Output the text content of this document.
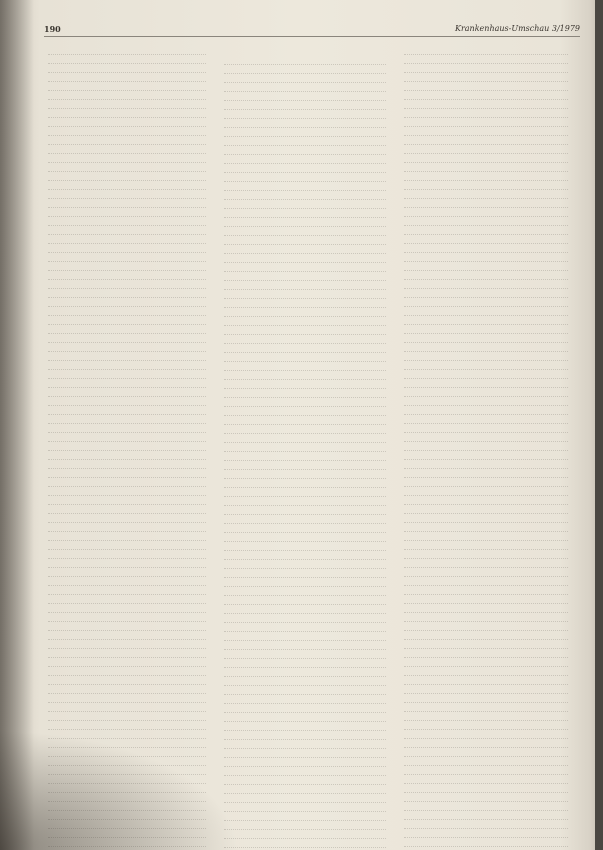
190	Krankenhaus-Umschau 3/1979
